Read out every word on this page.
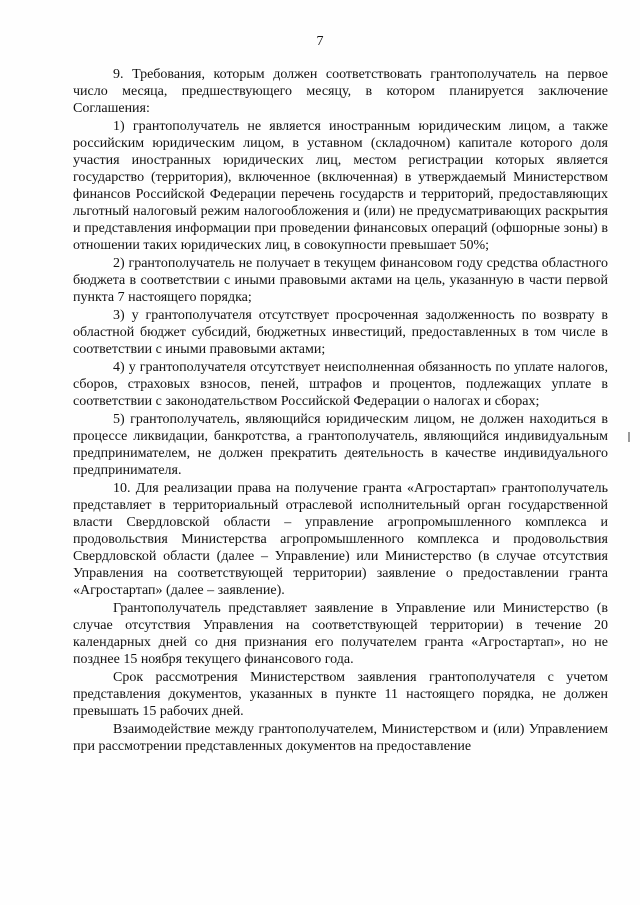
7

9. Требования, которым должен соответствовать грантополучатель на первое число месяца, предшествующего месяцу, в котором планируется заключение Соглашения:

1) грантополучатель не является иностранным юридическим лицом, а также российским юридическим лицом, в уставном (складочном) капитале которого доля участия иностранных юридических лиц, местом регистрации которых является государство (территория), включенное (включенная) в утверждаемый Министерством финансов Российской Федерации перечень государств и территорий, предоставляющих льготный налоговый режим налогообложения и (или) не предусматривающих раскрытия и представления информации при проведении финансовых операций (офшорные зоны) в отношении таких юридических лиц, в совокупности превышает 50%;

2) грантополучатель не получает в текущем финансовом году средства областного бюджета в соответствии с иными правовыми актами на цель, указанную в части первой пункта 7 настоящего порядка;

3) у грантополучателя отсутствует просроченная задолженность по возврату в областной бюджет субсидий, бюджетных инвестиций, предоставленных в том числе в соответствии с иными правовыми актами;

4) у грантополучателя отсутствует неисполненная обязанность по уплате налогов, сборов, страховых взносов, пеней, штрафов и процентов, подлежащих уплате в соответствии с законодательством Российской Федерации о налогах и сборах;

5) грантополучатель, являющийся юридическим лицом, не должен находиться в процессе ликвидации, банкротства, а грантополучатель, являющийся индивидуальным предпринимателем, не должен прекратить деятельность в качестве индивидуального предпринимателя.

10. Для реализации права на получение гранта «Агростартап» грантополучатель представляет в территориальный отраслевой исполнительный орган государственной власти Свердловской области – управление агропромышленного комплекса и продовольствия Министерства агропромышленного комплекса и продовольствия Свердловской области (далее – Управление) или Министерство (в случае отсутствия Управления на соответствующей территории) заявление о предоставлении гранта «Агростартап» (далее – заявление).

Грантополучатель представляет заявление в Управление или Министерство (в случае отсутствия Управления на соответствующей территории) в течение 20 календарных дней со дня признания его получателем гранта «Агростартап», но не позднее 15 ноября текущего финансового года.

Срок рассмотрения Министерством заявления грантополучателя с учетом представления документов, указанных в пункте 11 настоящего порядка, не должен превышать 15 рабочих дней.

Взаимодействие между грантополучателем, Министерством и (или) Управлением при рассмотрении представленных документов на предоставление
